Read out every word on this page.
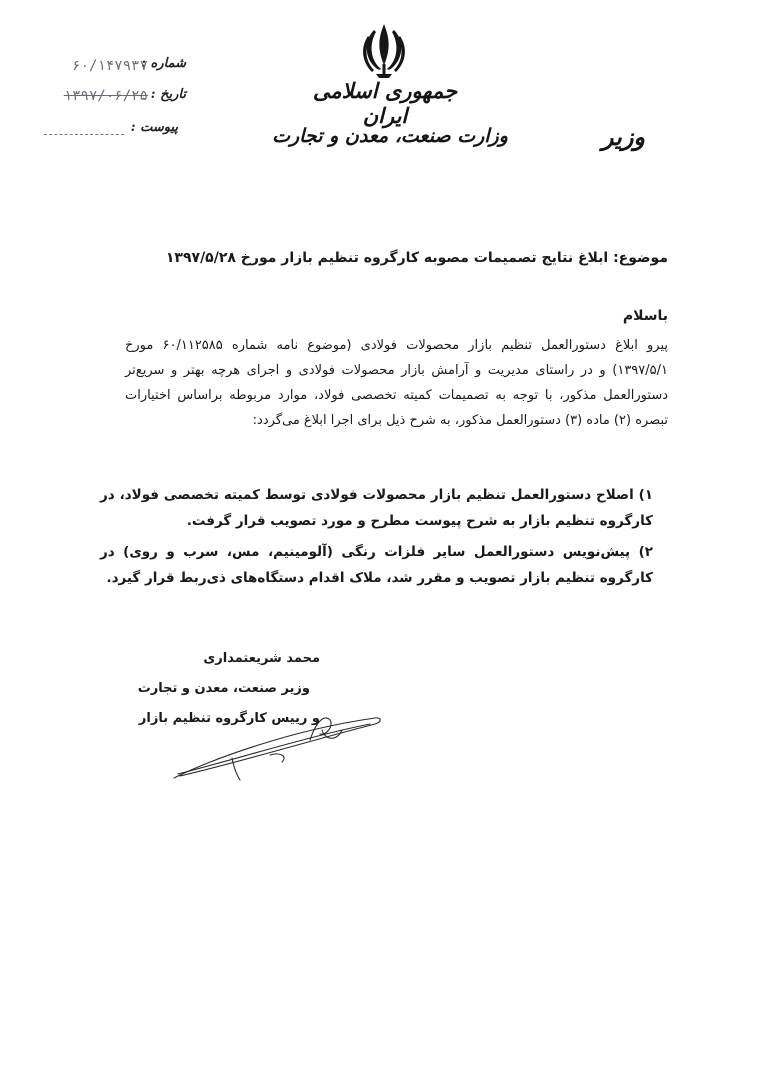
جمهوری اسلامی ایران
وزارت صنعت، معدن و تجارت	وزیر
شماره :
۶۰/۱۴۷۹۳۷
تاریخ :
۱۳۹۷/۰۶/۲۵
پیوست :
موضوع: ابلاغ نتایج تصمیمات مصوبه کارگروه تنظیم بازار مورخ ۱۳۹۷/۵/۲۸
باسلام
پیرو ابلاغ دستورالعمل تنظیم بازار محصولات فولادی (موضوع نامه شماره ۶۰/۱۱۲۵۸۵ مورخ ۱۳۹۷/۵/۱) و در راستای مدیریت و آرامش بازار محصولات فولادی و اجرای هرچه بهتر و سریع‌تر دستورالعمل مذکور، با توجه به تصمیمات کمیته تخصصی فولاد، موارد مربوطه براساس اختیارات تبصره (۲) ماده (۳) دستورالعمل مذکور، به شرح ذیل برای اجرا ابلاغ می‌گردد:
۱) اصلاح دستورالعمل تنظیم بازار محصولات فولادی توسط کمیته تخصصی فولاد، در کارگروه تنظیم بازار به شرح پیوست مطرح و مورد تصویب قرار گرفت.
۲) پیش‌نویس دستورالعمل سایر فلزات رنگی (آلومینیم، مس، سرب و روی) در کارگروه تنظیم بازار تصویب و مقرر شد، ملاک اقدام دستگاه‌های ذی‌ربط قرار گیرد.
محمد شریعتمداری
وزیر صنعت، معدن و تجارت
و رییس کارگروه تنظیم بازار
